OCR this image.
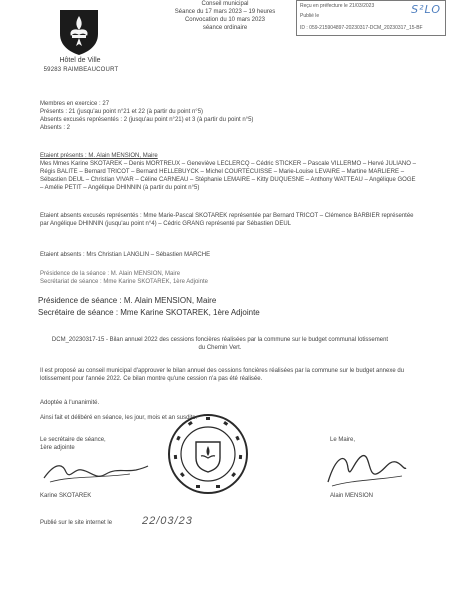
Hôtel de Ville
59283 RAIMBEAUCOURT
Conseil municipal
Séance du 17 mars 2023 – 19 heures
Convocation du 10 mars 2023
séance ordinaire
Reçu en préfecture le 21/03/2023
Publié le
ID : 059-215904897-20230317-DCM_20230317_15-BF
S²LO
Membres en exercice : 27
Présents : 21 (jusqu'au point n°21 et 22 (à partir du point n°5)
Absents excusés représentés : 2 (jusqu'au point n°21) et 3 (à partir du point n°5)
Absents : 2
Etaient présents : M. Alain MENSION, Maire
Mes Mmes Karine SKOTAREK – Denis MORTREUX – Geneviève LECLERCQ – Cédric STICKER – Pascale VILLERMO – Hervé JULIANO – Régis BALITE – Bernard TRICOT – Bernard HELLEBUYCK – Michel COURTECUISSE – Marie-Louise LEVAIRE – Martine MARLIERE – Sébastien DEUL – Christian VIVAR – Céline CARNEAU – Stéphanie LEMAIRE – Kitty DUQUESNE – Anthony WATTEAU – Angélique GOGE – Amélie PETIT – Angélique DHINNIN (à partir du point n°5)
Etaient absents excusés représentés : Mme Marie-Pascal SKOTAREK représentée par Bernard TRICOT – Clémence BARBIER représentée par Angélique DHINNIN (jusqu'au point n°4) – Cédric GRANG représenté par Sébastien DEUL
Etaient absents : Mrs Christian LANGLIN – Sébastien MARCHE
Présidence de la séance : M. Alain MENSION, Maire
Secrétariat de séance : Mme Karine SKOTAREK, 1ère Adjointe
Présidence de séance : M. Alain MENSION, Maire
Secrétaire de séance : Mme Karine SKOTAREK, 1ère Adjointe
DCM_20230317-15 - Bilan annuel 2022 des cessions foncières réalisées par la commune sur le budget communal lotissement du Chemin Vert.
Il est proposé au conseil municipal d'approuver le bilan annuel des cessions foncières réalisées par la commune sur le budget annexe du lotissement pour l'année 2022. Ce bilan montre qu'une cession n'a pas été réalisée.
Adoptée à l'unanimité.
Ainsi fait et délibéré en séance, les jour, mois et an susdits.
Le secrétaire de séance,
1ère adjointe
Le Maire,
Karine SKOTAREK	Alain MENSION
Publié sur le site internet le	22/03/23
